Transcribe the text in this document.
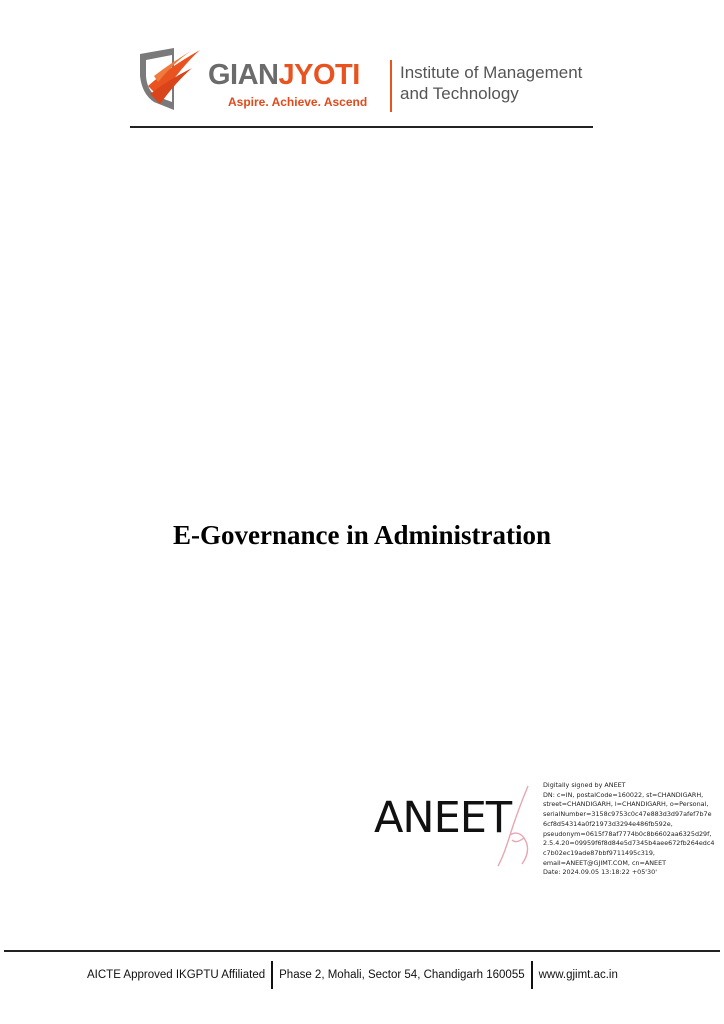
GIANJYOTI
Aspire. Achieve. Ascend
Institute of Management
and Technology
E-Governance in Administration
ANEET
Digitally signed by ANEET
DN: c=IN, postalCode=160022, st=CHANDIGARH,
street=CHANDIGARH, l=CHANDIGARH, o=Personal,
serialNumber=3158c9753c0c47e883d3d97afef7b7e
6cf8d54314a0f21973d3294e486fb592e,
pseudonym=0615f78af7774b0c8b6602aa6325d29f,
2.5.4.20=09959f6f8d84e5d7345b4aee672fb264edc4
c7b02ec19ade87bbf9711495c319,
email=ANEET@GJIMT.COM, cn=ANEET
Date: 2024.09.05 13:18:22 +05'30'
AICTE Approved IKGPTU Affiliated Phase 2, Mohali, Sector 54, Chandigarh 160055 www.gjimt.ac.in
